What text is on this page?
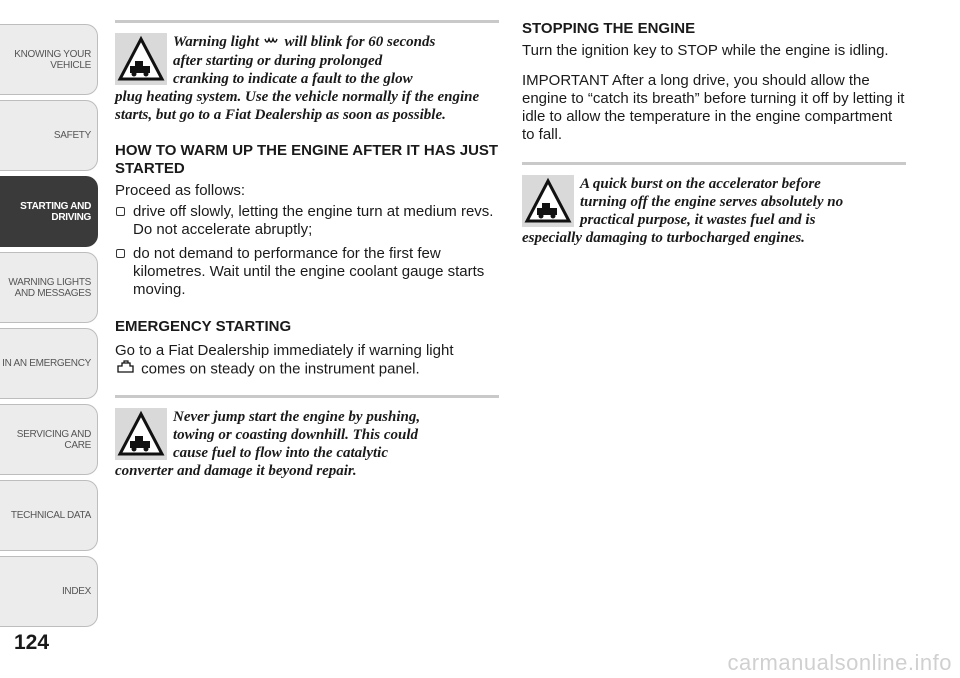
KNOWING YOUR
VEHICLE
SAFETY
STARTING AND
DRIVING
WARNING LIGHTS
AND MESSAGES
IN AN EMERGENCY
SERVICING AND
CARE
TECHNICAL DATA
INDEX
124

Warning light will blink for 60 seconds
after starting or during prolonged
cranking to indicate a fault to the glow
plug heating system. Use the vehicle normally if the engine starts, but go to a Fiat Dealership as soon as possible.

HOW TO WARM UP THE ENGINE AFTER IT HAS JUST STARTED

Proceed as follows:

drive off slowly, letting the engine turn at medium revs. Do not accelerate abruptly;
do not demand to performance for the first few kilometres. Wait until the engine coolant gauge starts moving.
EMERGENCY STARTING

Go to a Fiat Dealership immediately if warning light
comes on steady on the instrument panel.

Never jump start the engine by pushing,
towing or coasting downhill. This could
cause fuel to flow into the catalytic
converter and damage it beyond repair.

STOPPING THE ENGINE

Turn the ignition key to STOP while the engine is idling.

IMPORTANT After a long drive, you should allow the engine to “catch its breath” before turning it off by letting it idle to allow the temperature in the engine compartment to fall.

A quick burst on the accelerator before
turning off the engine serves absolutely no
practical purpose, it wastes fuel and is
especially damaging to turbocharged engines.

carmanualsonline.info
